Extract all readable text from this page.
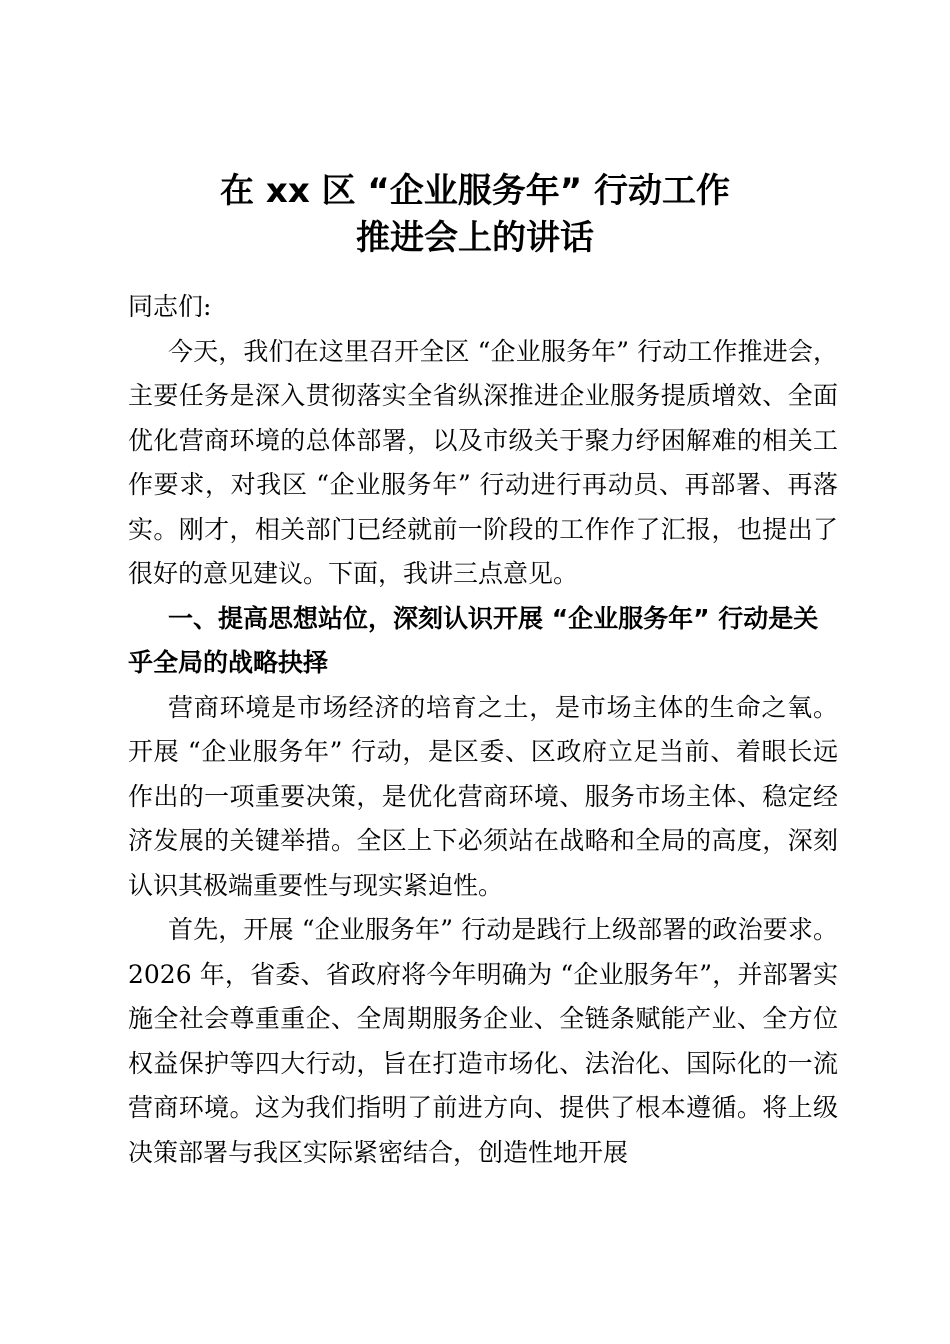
在 xx 区 “企业服务年” 行动工作
推进会上的讲话

同志们:

今天，我们在这里召开全区 “企业服务年” 行动工作推进会，主要任务是深入贯彻落实全省纵深推进企业服务提质增效、全面优化营商环境的总体部署，以及市级关于聚力纾困解难的相关工作要求，对我区 “企业服务年” 行动进行再动员、再部署、再落实。刚才，相关部门已经就前一阶段的工作作了汇报，也提出了很好的意见建议。下面，我讲三点意见。

一、提高思想站位，深刻认识开展 “企业服务年” 行动是关乎全局的战略抉择

营商环境是市场经济的培育之土，是市场主体的生命之氧。开展 “企业服务年” 行动，是区委、区政府立足当前、着眼长远作出的一项重要决策，是优化营商环境、服务市场主体、稳定经济发展的关键举措。全区上下必须站在战略和全局的高度，深刻认识其极端重要性与现实紧迫性。

首先，开展 “企业服务年” 行动是践行上级部署的政治要求。2026 年，省委、省政府将今年明确为 “企业服务年”，并部署实施全社会尊重重企、全周期服务企业、全链条赋能产业、全方位权益保护等四大行动，旨在打造市场化、法治化、国际化的一流营商环境。这为我们指明了前进方向、提供了根本遵循。将上级决策部署与我区实际紧密结合，创造性地开展
